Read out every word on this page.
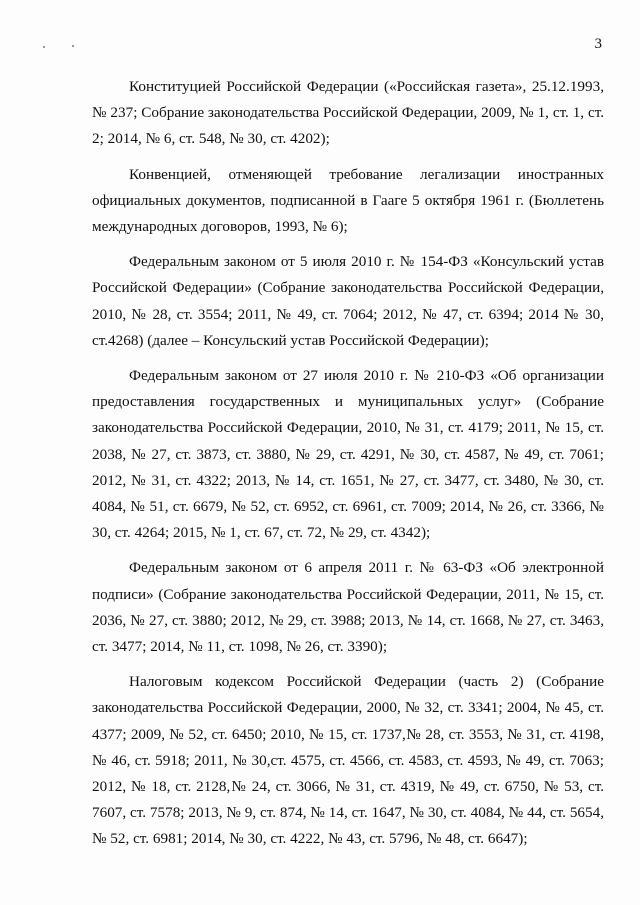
3

Конституцией Российской Федерации («Российская газета», 25.12.1993, № 237; Собрание законодательства Российской Федерации, 2009, № 1, ст. 1, ст. 2; 2014, № 6, ст. 548, № 30, ст. 4202);

Конвенцией, отменяющей требование легализации иностранных официальных документов, подписанной в Гааге 5 октября 1961 г. (Бюллетень международных договоров, 1993, № 6);

Федеральным законом от 5 июля 2010 г. № 154-ФЗ «Консульский устав Российской Федерации» (Собрание законодательства Российской Федерации, 2010, № 28, ст. 3554; 2011, № 49, ст. 7064; 2012, № 47, ст. 6394; 2014 № 30, ст.4268) (далее – Консульский устав Российской Федерации);

Федеральным законом от 27 июля 2010 г. № 210-ФЗ «Об организации предоставления государственных и муниципальных услуг» (Собрание законодательства Российской Федерации, 2010, № 31, ст. 4179; 2011, № 15, ст. 2038, № 27, ст. 3873, ст. 3880, № 29, ст. 4291, № 30, ст. 4587, № 49, ст. 7061; 2012, № 31, ст. 4322; 2013, № 14, ст. 1651, № 27, ст. 3477, ст. 3480, № 30, ст. 4084, № 51, ст. 6679, № 52, ст. 6952, ст. 6961, ст. 7009; 2014, № 26, ст. 3366, № 30, ст. 4264; 2015, № 1, ст. 67, ст. 72, № 29, ст. 4342);

Федеральным законом от 6 апреля 2011 г. № 63-ФЗ «Об электронной подписи» (Собрание законодательства Российской Федерации, 2011, № 15, ст. 2036, № 27, ст. 3880; 2012, № 29, ст. 3988; 2013, № 14, ст. 1668, № 27, ст. 3463, ст. 3477; 2014, № 11, ст. 1098, № 26, ст. 3390);

Налоговым кодексом Российской Федерации (часть 2) (Собрание законодательства Российской Федерации, 2000, № 32, ст. 3341; 2004, № 45, ст. 4377; 2009, № 52, ст. 6450; 2010, № 15, ст. 1737,№ 28, ст. 3553, № 31, ст. 4198, № 46, ст. 5918; 2011, № 30,ст. 4575, ст. 4566, ст. 4583, ст. 4593, № 49, ст. 7063; 2012, № 18, ст. 2128,№ 24, ст. 3066, № 31, ст. 4319, № 49, ст. 6750, № 53, ст. 7607, ст. 7578; 2013, № 9, ст. 874, № 14, ст. 1647, № 30, ст. 4084, № 44, ст. 5654, № 52, ст. 6981; 2014, № 30, ст. 4222, № 43, ст. 5796, № 48, ст. 6647);
